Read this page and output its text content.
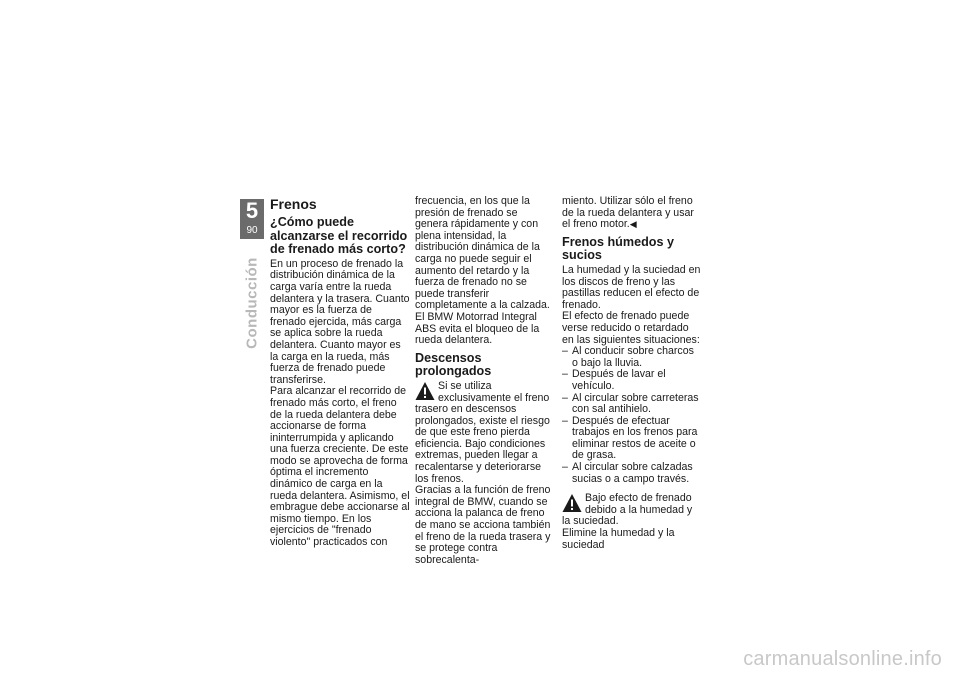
5
90
Conducción
Frenos
¿Cómo puede alcanzarse el recorrido de frenado más corto?

En un proceso de frenado la distribución dinámica de la carga varía entre la rueda delantera y la trasera. Cuanto mayor es la fuerza de frenado ejercida, más carga se aplica sobre la rueda delantera. Cuanto mayor es la carga en la rueda, más fuerza de frenado puede transferirse.

Para alcanzar el recorrido de frenado más corto, el freno de la rueda delantera debe accionarse de forma ininterrumpida y aplicando una fuerza creciente. De este modo se aprovecha de forma óptima el incremento dinámico de carga en la rueda delantera. Asimismo, el embrague debe accionarse al mismo tiempo. En los ejercicios de "frenado violento" practicados con

frecuencia, en los que la presión de frenado se genera rápidamente y con plena intensidad, la distribución dinámica de la carga no puede seguir el aumento del retardo y la fuerza de frenado no se puede transferir completamente a la calzada.

El BMW Motorrad Integral ABS evita el bloqueo de la rueda delantera.

Descensos prolongados

Si se utiliza exclusivamente el freno trasero en descensos prolongados, existe el riesgo de que este freno pierda eficiencia. Bajo condiciones extremas, pueden llegar a recalentarse y deteriorarse los frenos.

Gracias a la función de freno integral de BMW, cuando se acciona la palanca de freno de mano se acciona también el freno de la rueda trasera y se protege contra sobrecalenta-

miento. Utilizar sólo el freno de la rueda delantera y usar el freno motor.◀

Frenos húmedos y sucios

La humedad y la suciedad en los discos de freno y las pastillas reducen el efecto de frenado.

El efecto de frenado puede verse reducido o retardado en las siguientes situaciones:

– Al conducir sobre charcos o bajo la lluvia.
– Después de lavar el vehículo.
– Al circular sobre carreteras con sal antihielo.
– Después de efectuar trabajos en los frenos para eliminar restos de aceite o de grasa.
– Al circular sobre calzadas sucias o a campo través.

Bajo efecto de frenado debido a la humedad y la suciedad.

Elimine la humedad y la suciedad

carmanualsonline.info
